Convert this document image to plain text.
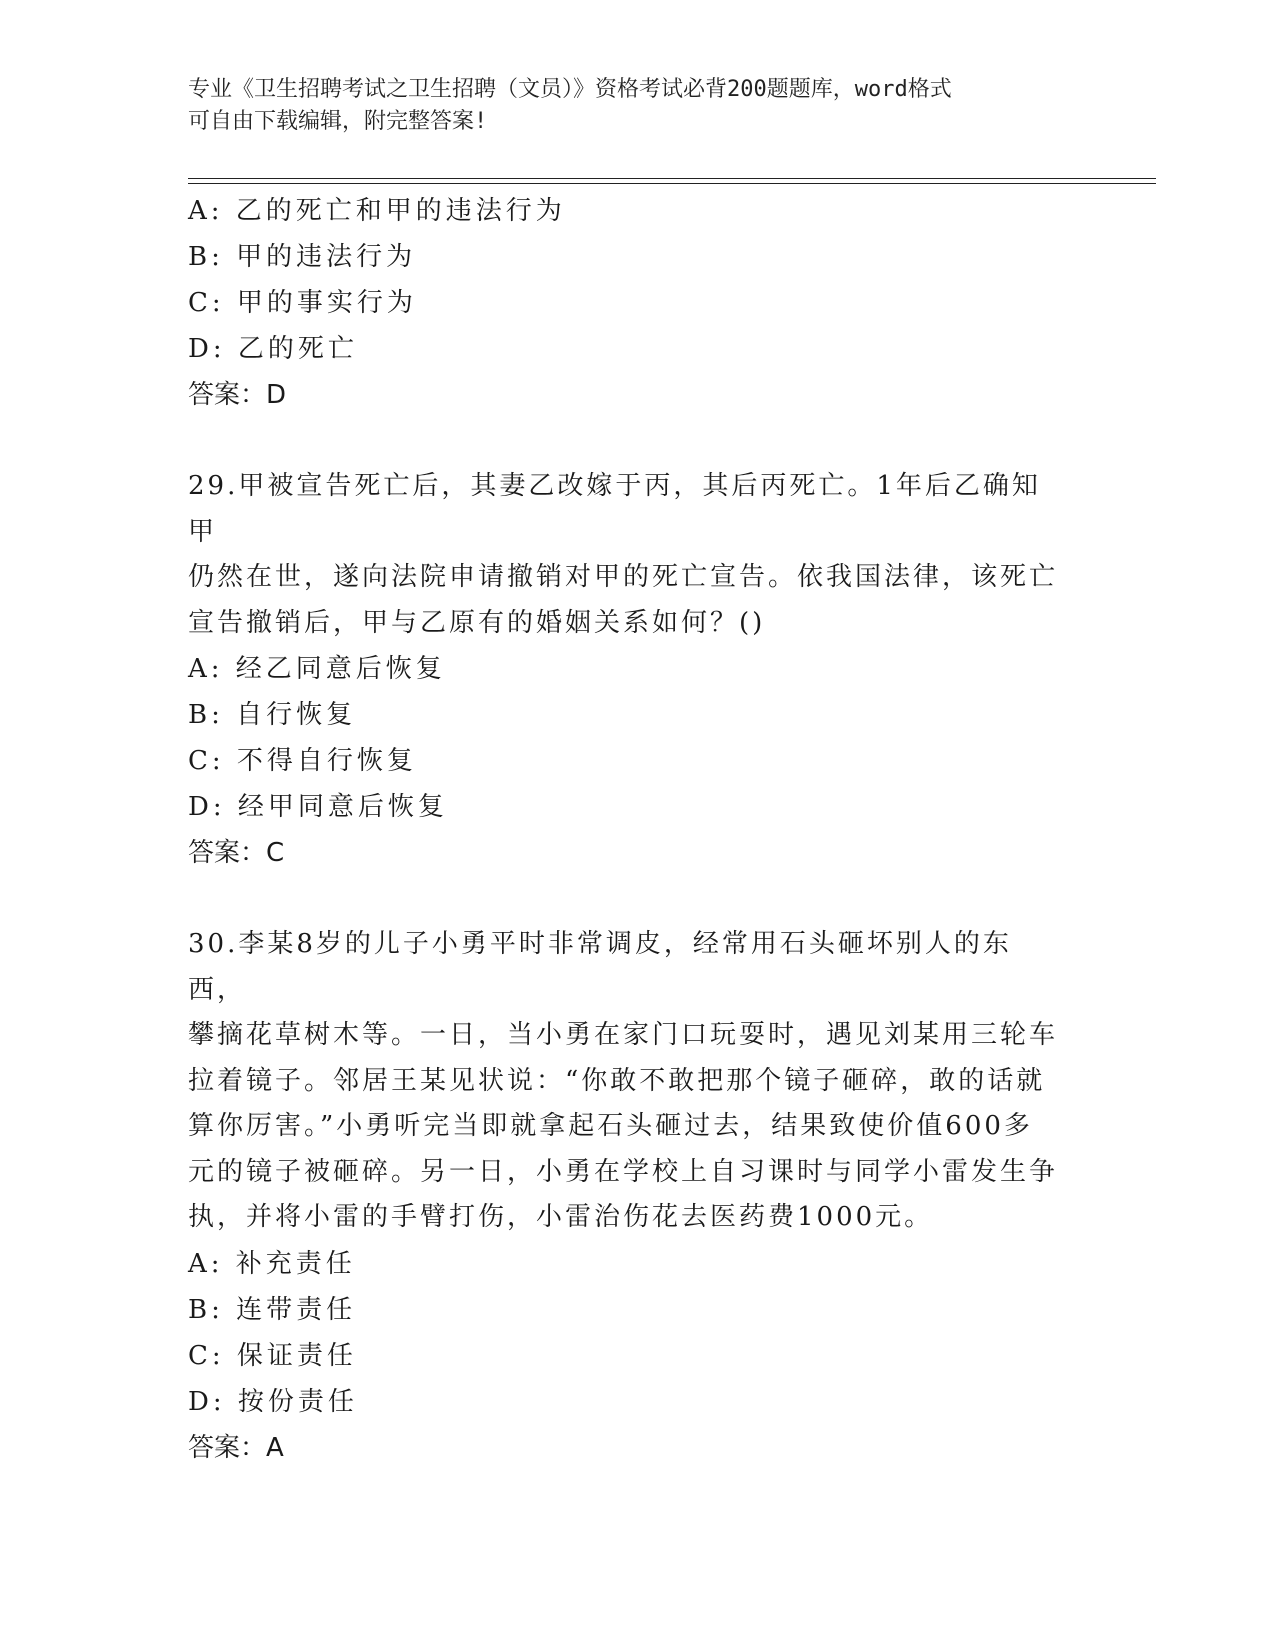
专业《卫生招聘考试之卫生招聘（文员）》资格考试必背200题题库，word格式
可自由下载编辑，附完整答案!
A: 乙的死亡和甲的违法行为
B: 甲的违法行为
C: 甲的事实行为
D: 乙的死亡
答案：D
29.甲被宣告死亡后，其妻乙改嫁于丙，其后丙死亡。1年后乙确知甲
仍然在世，遂向法院申请撤销对甲的死亡宣告。依我国法律，该死亡
宣告撤销后，甲与乙原有的婚姻关系如何？()
A: 经乙同意后恢复
B: 自行恢复
C: 不得自行恢复
D: 经甲同意后恢复
答案：C
30.李某8岁的儿子小勇平时非常调皮，经常用石头砸坏别人的东西，
攀摘花草树木等。一日，当小勇在家门口玩耍时，遇见刘某用三轮车
拉着镜子。邻居王某见状说：“你敢不敢把那个镜子砸碎，敢的话就
算你厉害。”小勇听完当即就拿起石头砸过去，结果致使价值600多
元的镜子被砸碎。另一日，小勇在学校上自习课时与同学小雷发生争
执，并将小雷的手臂打伤，小雷治伤花去医药费1000元。
A: 补充责任
B: 连带责任
C: 保证责任
D: 按份责任
答案：A
